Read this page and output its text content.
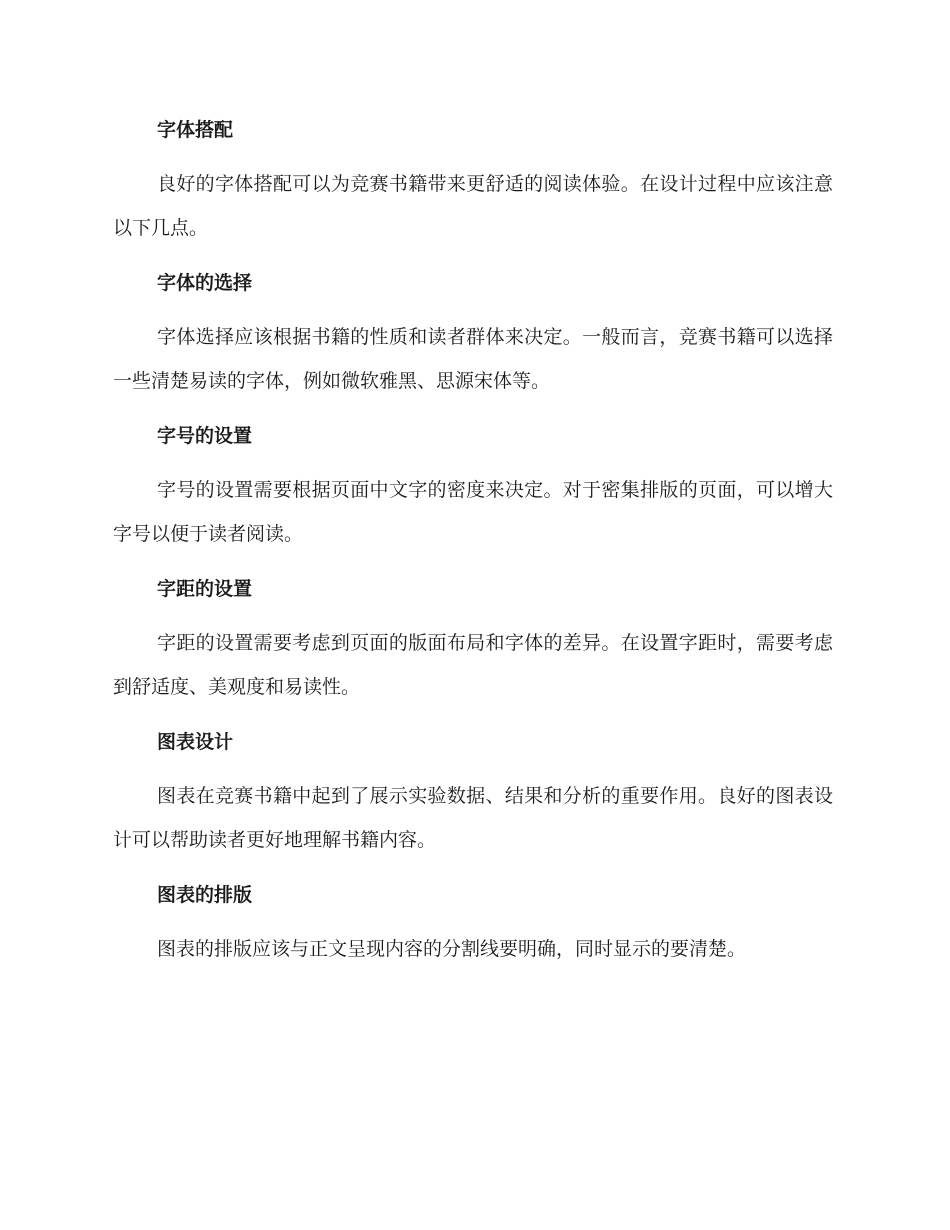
字体搭配

良好的字体搭配可以为竞赛书籍带来更舒适的阅读体验。在设计过程中应该注意以下几点。

字体的选择

字体选择应该根据书籍的性质和读者群体来决定。一般而言，竞赛书籍可以选择一些清楚易读的字体，例如微软雅黑、思源宋体等。

字号的设置

字号的设置需要根据页面中文字的密度来决定。对于密集排版的页面，可以增大字号以便于读者阅读。

字距的设置

字距的设置需要考虑到页面的版面布局和字体的差异。在设置字距时，需要考虑到舒适度、美观度和易读性。

图表设计

图表在竞赛书籍中起到了展示实验数据、结果和分析的重要作用。良好的图表设计可以帮助读者更好地理解书籍内容。

图表的排版

图表的排版应该与正文呈现内容的分割线要明确，同时显示的要清楚。
